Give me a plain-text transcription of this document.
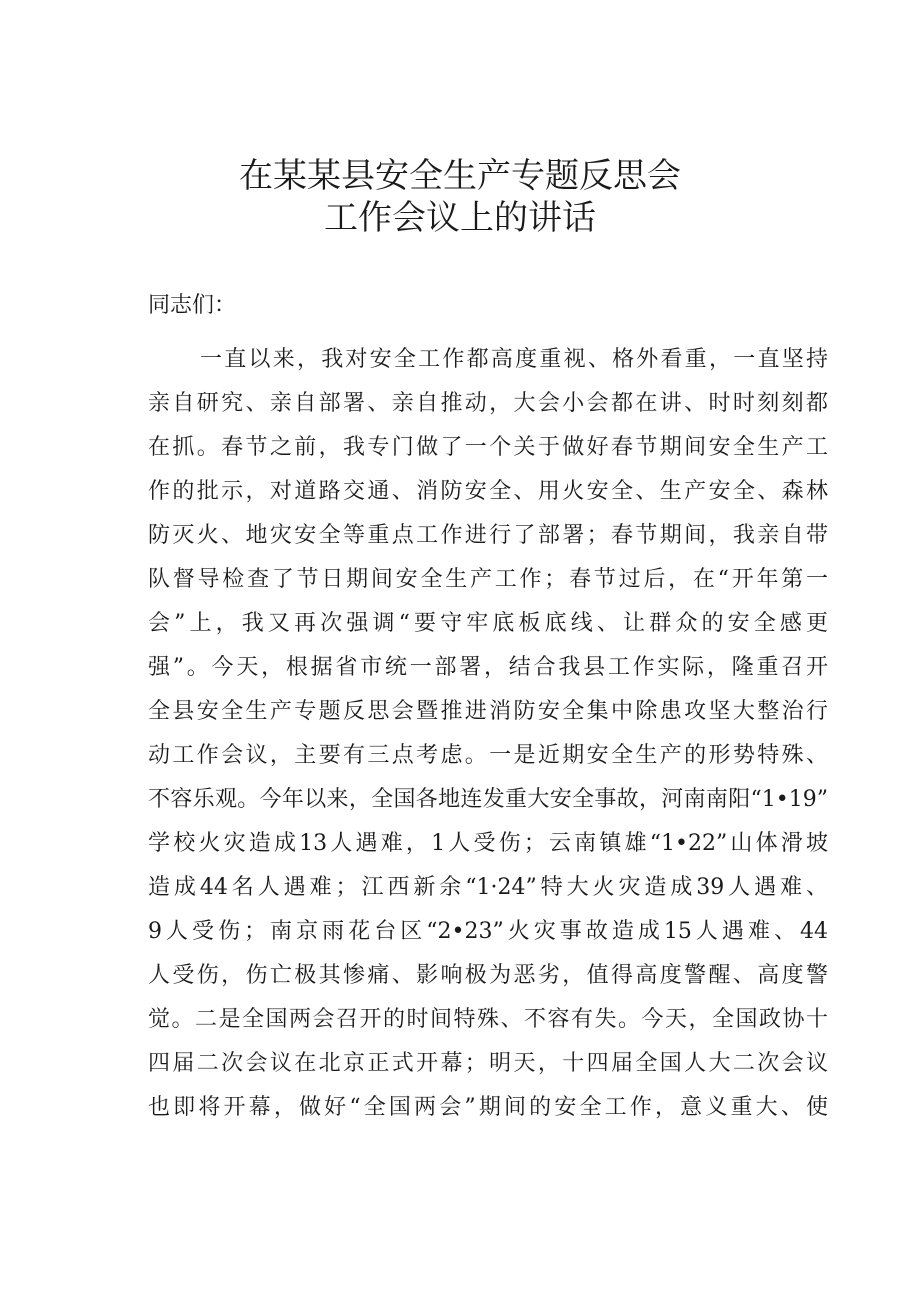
在某某县安全生产专题反思会
工作会议上的讲话
同志们：
一直以来，我对安全工作都高度重视、格外看重，一直坚持
亲自研究、亲自部署、亲自推动，大会小会都在讲、时时刻刻都
在抓。春节之前，我专门做了一个关于做好春节期间安全生产工
作的批示，对道路交通、消防安全、用火安全、生产安全、森林
防灭火、地灾安全等重点工作进行了部署；春节期间，我亲自带
队督导检查了节日期间安全生产工作；春节过后，在“开年第一
会”上，我又再次强调“要守牢底板底线、让群众的安全感更
强”。今天，根据省市统一部署，结合我县工作实际，隆重召开
全县安全生产专题反思会暨推进消防安全集中除患攻坚大整治行
动工作会议，主要有三点考虑。一是近期安全生产的形势特殊、
不容乐观。今年以来，全国各地连发重大安全事故，河南南阳“1•19”
学校火灾造成13人遇难，1人受伤；云南镇雄“1•22”山体滑坡
造成44名人遇难；江西新余“1·24”特大火灾造成39人遇难、
9人受伤；南京雨花台区“2•23”火灾事故造成15人遇难、44
人受伤，伤亡极其惨痛、影响极为恶劣，值得高度警醒、高度警
觉。二是全国两会召开的时间特殊、不容有失。今天，全国政协十
四届二次会议在北京正式开幕；明天，十四届全国人大二次会议
也即将开幕，做好“全国两会”期间的安全工作，意义重大、使
